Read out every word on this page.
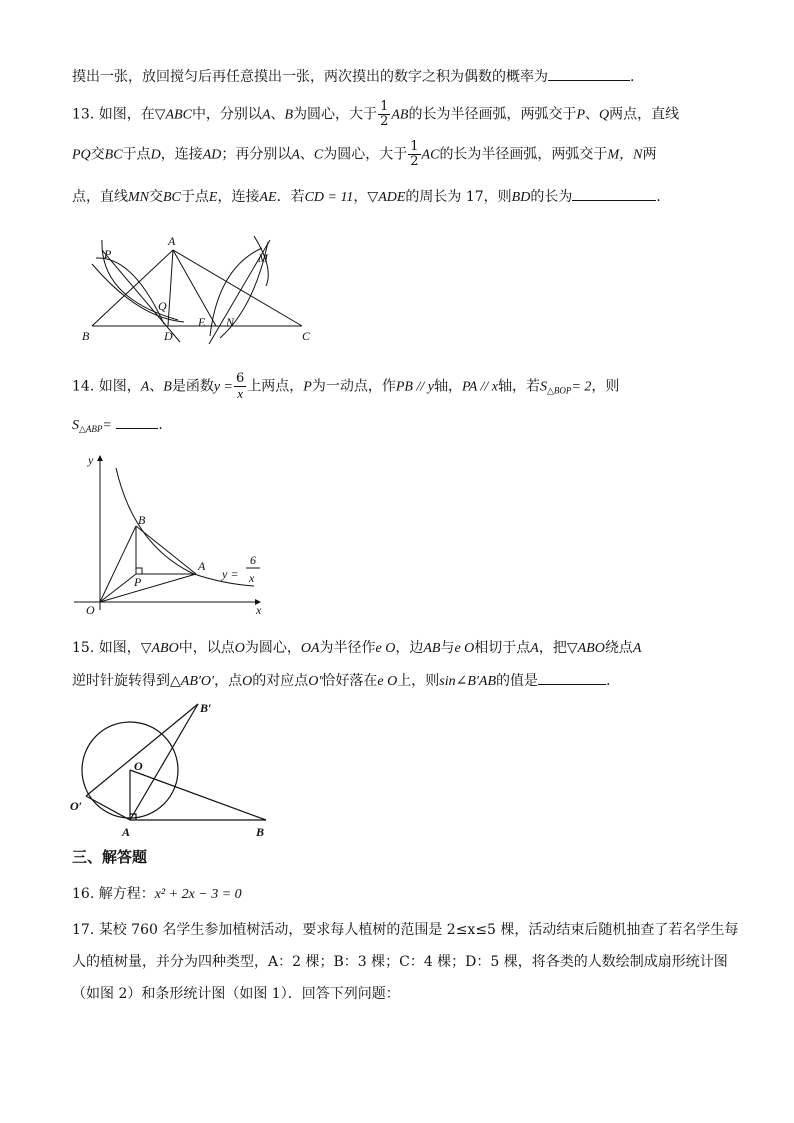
摸出一张，放回搅匀后再任意摸出一张，两次摸出的数字之积为偶数的概率为	.
13. 如图，在▽ABC中，分别以A、B为圆心，大于 $\frac{1}{2}$ AB的长为半径画弧，两弧交于P、Q两点，直线
PQ交BC于点D，连接AD；再分别以A、C为圆心，大于 $\frac{1}{2}$ AC的长为半径画弧，两弧交于M，N两
点，直线MN交BC于点E，连接AE．若CD = 11，▽ADE的周长为 17，则BD的长为	.
A
B	C
D
E N
P
Q
M
14. 如图，A、B是函数$y = \frac{6}{x}$ 上两点，P为一动点，作PB // y轴，PA // x轴，若$S_{\triangle BOP}= 2$，则
$S_{\triangle ABP}=$	.
y
x
O
B
A
P
y =
6
x
15. 如图，▽ABO中，以点O为圆心，OA为半径作e O，边AB与e O相切于点A，把▽ABO绕点A
逆时针旋转得到△AB′O′，点O的对应点O′恰好落在e O上，则sin∠B′AB的值是	.
B′
O
O′
A	B
三、解答题
16. 解方程：x² + 2x − 3 = 0
17. 某校 760 名学生参加植树活动，要求每人植树的范围是 2≤x≤5 棵，活动结束后随机抽查了若名学生每
人的植树量，并分为四种类型，A：2 棵；B：3 棵；C：4 棵；D：5 棵，将各类的人数绘制成扇形统计图
（如图 2）和条形统计图（如图 1）．回答下列问题：
